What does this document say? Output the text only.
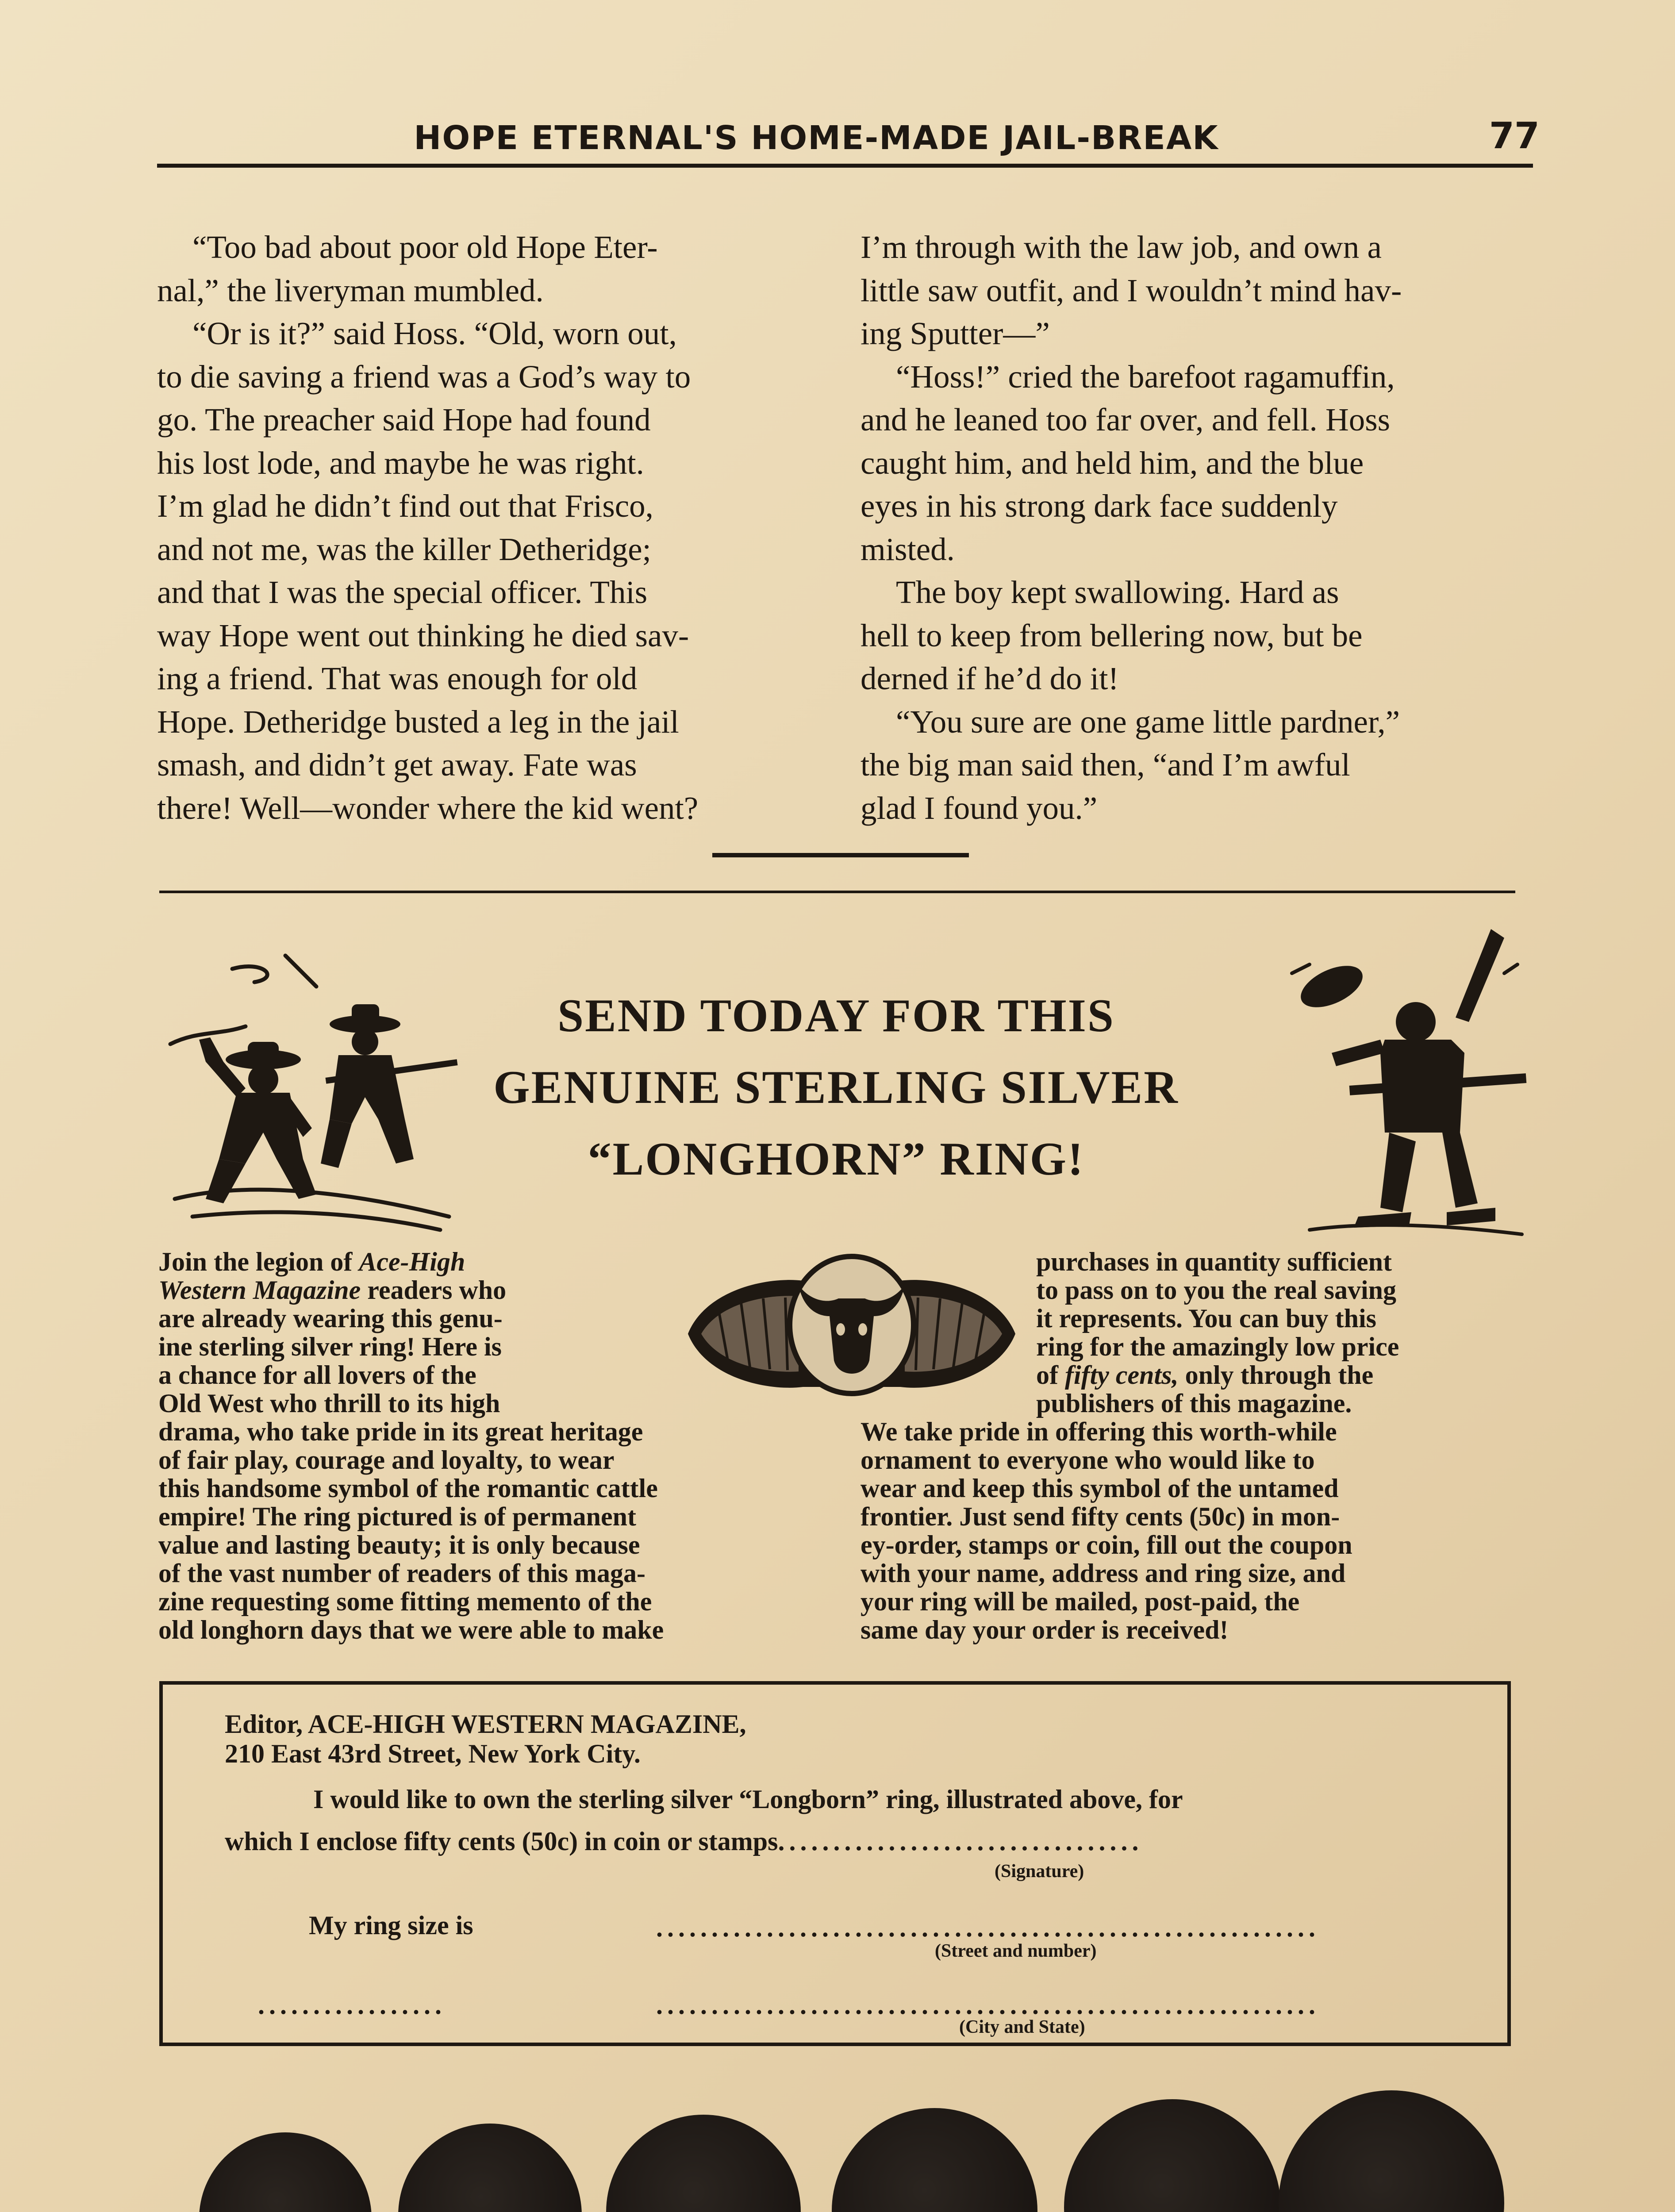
HOPE ETERNAL'S HOME-MADE JAIL-BREAK	77
“Too bad about poor old Hope Eter-
nal,” the liveryman mumbled.
“Or is it?” said Hoss. “Old, worn out,
to die saving a friend was a God’s way to
go. The preacher said Hope had found
his lost lode, and maybe he was right.
I’m glad he didn’t find out that Frisco,
and not me, was the killer Detheridge;
and that I was the special officer. This
way Hope went out thinking he died sav-
ing a friend. That was enough for old
Hope. Detheridge busted a leg in the jail
smash, and didn’t get away. Fate was
there! Well—wonder where the kid went?
I’m through with the law job, and own a
little saw outfit, and I wouldn’t mind hav-
ing Sputter—”
“Hoss!” cried the barefoot ragamuffin,
and he leaned too far over, and fell. Hoss
caught him, and held him, and the blue
eyes in his strong dark face suddenly
misted.
The boy kept swallowing. Hard as
hell to keep from bellering now, but be
derned if he’d do it!
“You sure are one game little pardner,”
the big man said then, “and I’m awful
glad I found you.”
SEND TODAY FOR THIS
GENUINE STERLING SILVER
“LONGHORN” RING!
Join the legion of Ace-High
Western Magazine readers who
are already wearing this genu-
ine sterling silver ring! Here is
a chance for all lovers of the
Old West who thrill to its high
drama, who take pride in its great heritage
of fair play, courage and loyalty, to wear
this handsome symbol of the romantic cattle
empire! The ring pictured is of permanent
value and lasting beauty; it is only because
of the vast number of readers of this maga-
zine requesting some fitting memento of the
old longhorn days that we were able to make
purchases in quantity sufficient
to pass on to you the real saving
it represents. You can buy this
ring for the amazingly low price
of fifty cents, only through the
publishers of this magazine.
We take pride in offering this worth-while
ornament to everyone who would like to
wear and keep this symbol of the untamed
frontier. Just send fifty cents (50c) in mon-
ey-order, stamps or coin, fill out the coupon
with your name, address and ring size, and
your ring will be mailed, post-paid, the
same day your order is received!
Editor, ACE-HIGH WESTERN MAGAZINE,
210 East 43rd Street, New York City.
I would like to own the sterling silver “Longborn” ring, illustrated above, for
which I enclose fifty cents (50c) in coin or stamps.................................
(Signature)
My ring size is	............................................................
(Street and number)
.................	............................................................
(City and State)
